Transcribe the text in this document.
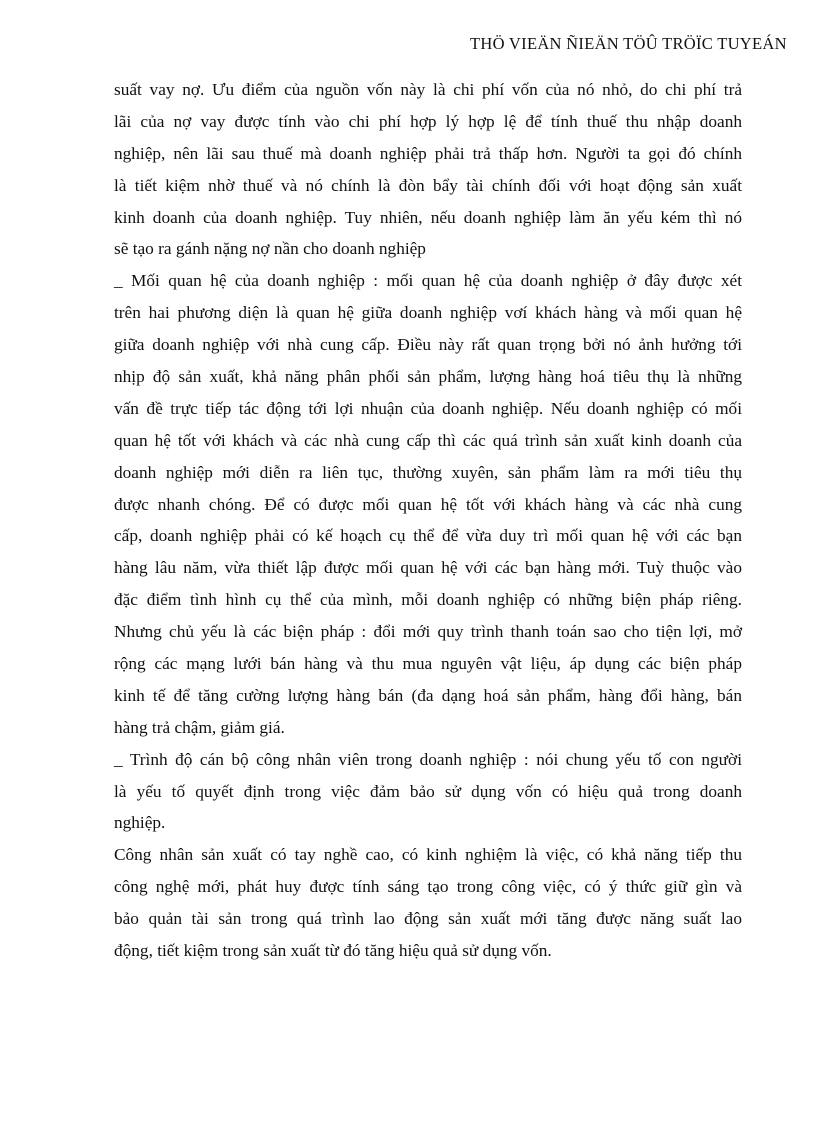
THÖ VIEÄN ÑIEÄN TÖÛ TRÖÏC TUYEÁN
suất vay nợ. Ưu điểm của nguồn vốn này là chi phí vốn của nó nhỏ, do chi phí trả
lãi của nợ vay được tính vào chi phí hợp lý hợp lệ để tính thuế thu nhập doanh
nghiệp, nên lãi sau thuế mà doanh nghiệp phải trả thấp hơn. Người ta gọi đó chính
là tiết kiệm nhờ thuế và nó chính là đòn bẩy tài chính đối với hoạt động sản xuất
kinh doanh của doanh nghiệp. Tuy nhiên, nếu doanh nghiệp làm ăn yếu kém thì nó
sẽ tạo ra gánh nặng nợ nần cho doanh nghiệp
_ Mối quan hệ của doanh nghiệp : mối quan hệ của doanh nghiệp ở đây được xét
trên hai phương diện là quan hệ giữa doanh nghiệp vơí khách hàng và mối quan hệ
giữa doanh nghiệp với nhà cung cấp. Điều này rất quan trọng bởi nó ảnh hưởng tới
nhịp độ sản xuất, khả năng phân phối sản phẩm, lượng hàng hoá tiêu thụ là những
vấn đề trực tiếp tác động tới lợi nhuận của doanh nghiệp. Nếu doanh nghiệp có mối
quan hệ tốt với khách và các nhà cung cấp thì các quá trình sản xuất kinh doanh của
doanh nghiệp mới diễn ra liên tục, thường xuyên, sản phẩm làm ra mới tiêu thụ
được nhanh chóng. Để có được mối quan hệ tốt với khách hàng và các nhà cung
cấp, doanh nghiệp phải có kế hoạch cụ thể để vừa duy trì mối quan hệ với các bạn
hàng lâu năm, vừa thiết lập được mối quan hệ với các bạn hàng mới. Tuỳ thuộc vào
đặc điểm tình hình cụ thể của mình, mỗi doanh nghiệp có những biện pháp riêng.
Nhưng chủ yếu là các biện pháp : đổi mới quy trình thanh toán sao cho tiện lợi, mở
rộng các mạng lưới bán hàng và thu mua nguyên vật liệu, áp dụng các biện pháp
kinh tế để tăng cường lượng hàng bán (đa dạng hoá sản phẩm, hàng đổi hàng, bán
hàng trả chậm, giảm giá.
_ Trình độ cán bộ công nhân viên trong doanh nghiệp : nói chung yếu tố con người
là yếu tố quyết định trong việc đảm bảo sử dụng vốn có hiệu quả trong doanh
nghiệp.
Công nhân sản xuất có tay nghề cao, có kinh nghiệm là việc, có khả năng tiếp thu
công nghệ mới, phát huy được tính sáng tạo trong công việc, có ý thức giữ gìn và
bảo quản tài sản trong quá trình lao động sản xuất mới tăng được năng suất lao
động, tiết kiệm trong sản xuất từ đó tăng hiệu quả sử dụng vốn.
